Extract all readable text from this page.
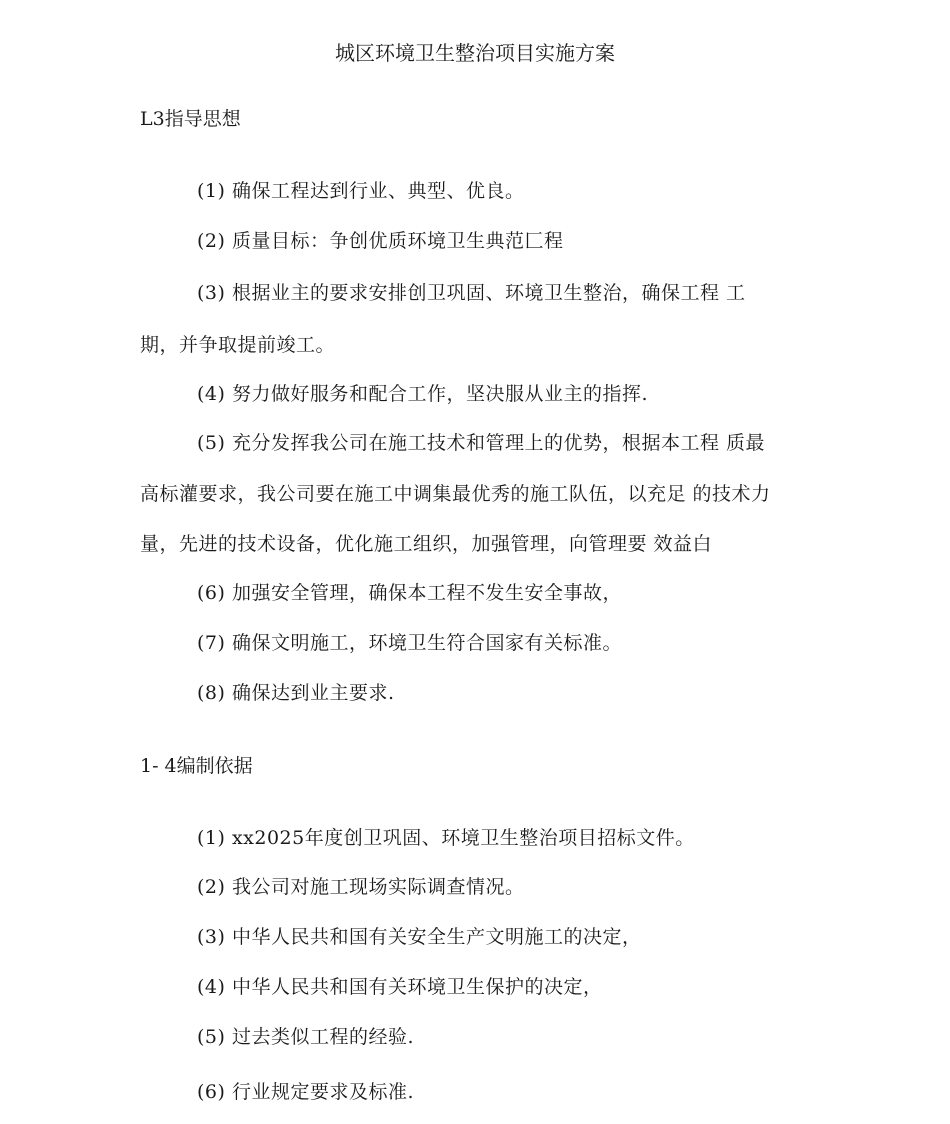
城区环境卫生整治项目实施方案
L3指导思想
(1) 确保工程达到行业、典型、优良。
(2) 质量目标：争创优质环境卫生典范匚程
(3) 根据业主的要求安排创卫巩固、环境卫生整治，确保工程 工
期，并争取提前竣工。
(4) 努力做好服务和配合工作，坚决服从业主的指挥.
(5) 充分发挥我公司在施工技术和管理上的优势，根据本工程 质最
高标灌要求，我公司要在施工中调集最优秀的施工队伍，以充足 的技术力
量，先进的技术设备，优化施工组织，加强管理，向管理要 效益白
(6) 加强安全管理，确保本工程不发生安全事故，
(7) 确保文明施工，环境卫生符合国家有关标准。
(8) 确保达到业主要求.
1- 4编制依据
(1) xx2025年度创卫巩固、环境卫生整治项目招标文件。
(2) 我公司对施工现场实际调查情况。
(3) 中华人民共和国有关安全生产文明施工的决定，
(4) 中华人民共和国有关环境卫生保护的决定，
(5) 过去类似工程的经验.
(6) 行业规定要求及标准.
